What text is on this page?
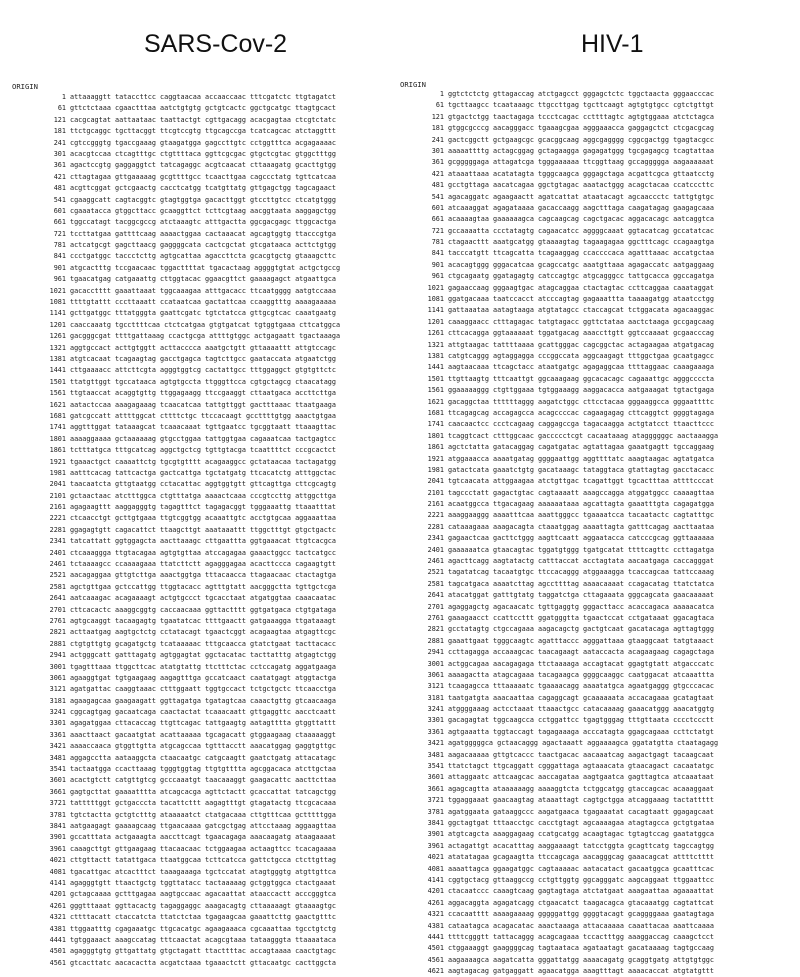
SARS-Cov-2	HIV-1
ORIGIN	ORIGIN
1 attaaaggtt tataccttcc caggtaacaa accaaccaac tttcgatctc ttgtagatct
61 gttctctaaa cgaactttaa aatctgtgtg gctgtcactc ggctgcatgc ttagtgcact
121 cacgcagtat aattaataac taattactgt cgttgacagg acacgagtaa ctcgtctatc
181 ttctgcaggc tgcttacggt ttcgtccgtg ttgcagccga tcatcagcac atctaggttt
241 cgtccgggtg tgaccgaaag gtaagatgga gagccttgtc cctggtttca acgagaaaac
301 acacgtccaa ctcagtttgc ctgttttaca ggttcgcgac gtgctcgtac gtggctttgg
361 agactccgtg gaggaggtct tatcagaggc acgtcaacat cttaaagatg gcacttgtgg
421 cttagtagaa gttgaaaaag gcgttttgcc tcaacttgaa cagccctatg tgttcatcaa
481 acgttcggat gctcgaactg cacctcatgg tcatgttatg gttgagctgg tagcagaact
541 cgaaggcatt cagtacggtc gtagtggtga gacacttggt gtccttgtcc ctcatgtggg
601 cgaaataccа gtggcttacc gcaaggttct tcttcgtaag aacggtaata aaggagctgg
661 tggccatagt tacggcgccg atctaaagtc atttgactta ggcgacgagc ttggcactga
721 tccttatgaa gattttcaag aaaactggaa cactaaacat agcagtggtg ttacccgtga
781 actcatgcgt gagcttaacg gaggggcata cactcgctat gtcgataaca acttctgtgg
841 ccctgatggc taccctcttg agtgcattaa agaccttcta gcacgtgctg gtaaagcttc
901 atgcactttg tccgaacaac tggacttttat tgacactaag aggggtgtat actgctgccg
961 tgaacatgag catgaaattg cttggtacac ggaacgttct gaaaagagct atgaattgca
1021 gacacctttt gaaattaaat tggcaaagaa atttgacacc ttcaatgggg aatgtccaaa
1081 ttttgtattt cccttaaatt ccataatcaa gactattcaa ccaaggtttg aaaagaaaaa
1141 gcttgatggc tttatgggta gaattcgatc tgtctatcca gttgcgtcac caaatgaatg
1201 caaccaaatg tgccttttcaa ctctcatgaa gtgtgatcat tgtggtgaaa cttcatggca
1261 gacgggcgat ttttgattaaag ccactgcga attttgtggc actgagaatt tgactaaaga
1321 aggtgccact acttgtggtt acttacccca aaatgctgtt gttaaaattt attgtccagc
1381 atgtcacaat tcagaagtag gacctgagca tagtcttgcc gaataccata atgaatctgg
1441 cttgaaaacc attcttcgta agggtggtcg cactattgcc tttggaggct gtgtgttctc
1501 ttatgttggt tgccataaca agtgtgccta ttgggttcca cgtgctagcg ctaacatagg
1561 ttgtaaccat acaggtgttg ttggagaagg ttccgaaggt cttaatgaca accttcttga
1621 aatactccaa aaagagaaag tcaacatcaa tattgttggt gactttaaac ttaatgaaga
1681 gatcgccatt attttggcat cttttctgc ttccacaagt gccttttgtgg aaactgtgaa
1741 aggtttggat tataaagcat tcaaacaaat tgttgaatcc tgcggtaatt ttaaagttac
1801 aaaaggaaaa gctaaaaaag gtgcctggaa tattggtgaa cagaaatcaa tactgagtcc
1861 tctttatgca tttgcatcag aggctgctcg tgttgtacga tcaattttct cccgcactct
1921 tgaaactgct caaaattctg tgcgtgtttt acagaaggcc gctataacaa tactagatgg
1981 aatttcacag tattcactga gactcattga tgctatgatg ttcacatctg atttggctac
2041 taacaatcta gttgtaatgg cctacattac aggtggtgtt gttcagttga cttcgcagtg
2101 gctaactaac atctttggca ctgtttatga aaaactcaaa cccgtccttg attggcttga
2161 agagaagttt aaggagggtg tagagtttct tagagacggt tgggaaattg ttaaatttat
2221 ctcaacctgt gcttgtgaaa ttgtcggtgg acaaattgtc acctgtgcaa aggaaattaa
2281 ggagagtgtt cagacattct ttaagcttgt aaataaattt ttggctttgt gtgctgactc
2341 tatcattatt ggtggagcta aacttaaagc cttgaattta ggtgaaacat ttgtcacgca
2401 ctcaaaggga ttgtacagaa agtgtgttaa atccagagaa gaaactggcc tactcatgcc
2461 tctaaaagcc ccaaaagaaa ttatcttctt agagggagaa acacttccca cagaagtgtt
2521 aacagaggaa gttgtcttga aaactggtga tttacaacca ttagaacaac ctactagtga
2581 agctgttgaa gctccattgg ttggtacacc agtttgtatt aacgggctta tgttgctcga
2641 aatcaaagac acagaaaagt actgtgccct tgcacctaat atgatggtaa caaacaatac
2701 cttcacactc aaaggcggtg caccaacaaa ggttactttt ggtgatgaca ctgtgataga
2761 agtgcaaggt tacaagagtg tgaatatcac ttttgaactt gatgaaagga ttgataaagt
2821 acttaatgag aagtgctctg cctatacagt tgaactcggt acagaagtaa atgagttcgc
2881 ctgtgttgtg gcagatgctg tcataaaaac tttgcaacca gtatctgaat tacttacacc
2941 actgggcatt gatttagatg agtggagtat ggctacatac tacttatttg atgagtctgg
3001 tgagtttaaa ttggcttcac atatgtattg ttctttctac cctccagatg aggatgaaga
3061 agaaggtgat tgtgaagaag aagagtttga gccatcaact caatatgagt atggtactga
3121 agatgattac caaggtaaac ctttggaatt tggtgccact tctgctgctc ttcaacctga
3181 agaagagcaa gaagaagatt ggttagatga tgatagtcaa caaactgttg gtcaacaaga
3241 cggcagtgag gacaatcaga caactactat tcaaacaatt gttgaggttc aacctcaatt
3301 agagatggaa cttacaccag ttgttcagac tattgaagtg aatagtttta gtggttattt
3361 aaacttaact gacaatgtat acattaaaaa tgcagacatt gtggaagaag ctaaaaaggt
3421 aaaaccaaca gtggttgtta atgcagccaa tgtttacctt aaacatggag gaggtgttgc
3481 aggagcctta aataaggcta ctaacaatgc catgcaagtt gaatctgatg attacatagc
3541 tactaatgga ccacttaaag tgggtggtag ttgtgtttta agcggacaca atcttgctaa
3601 acactgtctt catgttgtcg gcccaaatgt taacaaaggt gaagacattc aacttcttaa
3661 gagtgcttat gaaaatttta atcagcacga agttctactt gcaccattat tatcagctgg
3721 tatttttggt gctgacccta tacattcttt aagagtttgt gtagatactg ttcgcacaaa
3781 tgtctactta gctgtctttg ataaaaatct ctatgacaaa cttgtttcaa gctttttgga
3841 aatgaagagt gaaaagcaag ttgaacaaaa gatcgctgag attcctaaag aggaagttaa
3901 gccatttata actgaaagta aaccttcagt tgaacagaga aaacaagatg ataagaaaat
3961 caaagcttgt gttgaagaag ttacaacaac tctggaagaa actaagttcc tcacagaaaa
4021 cttgttactt tatattgaca ttaatggcaa tcttcatcca gattctgcca ctcttgttag
4081 tgacattgac atcactttct taaagaaaga tgctccatat atagtgggtg atgttgttca
4141 agagggtgtt ttaactgctg tggttatacc tactaaaaag gctggtggca ctactgaaat
4201 gctagcaaaa gctttgagaa aagtgccaac agacaattat ataaccactt acccgggtca
4261 gggtttaaat ggttacactg tagaggaggc aaagacagtg cttaaaaagt gtaaaagtgc
4321 cttttacatt ctaccatcta ttatctctaa tgagaagcaa gaaattcttg gaactgtttc
4381 ttggaatttg cgagaaatgc ttgcacatgc agaagaaaca cgcaaattaa tgcctgtctg
4441 tgtggaaact aaagccatag tttcaactat acagcgtaaa tataagggta ttaaaataca
4501 agagggtgtg gttgattatg gtgctagatt ttacttttac accagtaaaa caactgtagc
4561 gtcacttatc aacacactta acgatctaaa tgaaactctt gttacaatgc cacttggcta
1 ggtctctctg gttagaccag atctgagcct gggagctctc tggctaacta gggaacccac
61 tgcttaagcc tcaataaagc ttgccttgag tgcttcaagt agtgtgtgcc cgtctgttgt
121 gtgactctgg taactagaga tccctcagac ccttttagtc agtgtggaaa atctctagca
181 gtggcgcccg aacagggacc tgaaagcgaa agggaaacca gaggagctct ctcgacgcag
241 gactcggctt gctgaagcgc gcacggcaag aggcgagggg cggcgactgg tgagtacgcc
301 aaaaattttg actagcggag gctagaagga gagagatggg tgcgagagcg tcagtattaa
361 gcgggggaga attagatcga tgggaaaaaa ttcggttaag gccaggggga aagaaaaaat
421 ataaattaaa acatatagta tgggcaagca gggagctaga acgattcgca gttaatcctg
481 gcctgttaga aacatcagaa ggctgtagac aaatactggg acagctacaa ccatcccttc
541 agacaggatc agaagaactt agatcattat ataatacagt agcaaccctc tattgtgtgc
601 atcaaaggat agagataaaa gacaccaagg aagctttaga caagatagag gaagagcaaa
661 acaaaagtaa gaaaaaagca cagcaagcag cagctgacac aggacacagc aatcaggtca
721 gccaaaatta ccctatagtg cagaacatcc aggggcaaat ggtacatcag gccatatcac
781 ctagaacttt aaatgcatgg gtaaaagtag tagaagagaa ggctttcagc ccagaagtga
841 tacccatgtt ttcagcatta tcagaaggag ccaccccaca agatttaaac accatgctaa
901 acacagtggg gggacatcaa gcagccatgc aaatgttaaa agagaccatc aatgaggaag
961 ctgcagaatg ggatagagtg catccagtgc atgcagggcc tattgcacca ggccagatga
1021 gagaaccaag gggaagtgac atagcaggaa ctactagtac ccttcaggaa caaataggat
1081 ggatgacaaa taatccacct atcccagtag gagaaattta taaaagatgg ataatcctgg
1141 gattaaataa aatagtaaga atgtatagcc ctaccagcat tctggacata agacaaggac
1201 caaaggaacc ctttagagac tatgtagacc ggttctataa aactctaaga gccgagcaag
1261 cttcacagga ggtaaaaaat tggatgacag aaaccttgtt ggtccaaaat gcgaacccag
1321 attgtaagac tattttaaaa gcattgggac cagcggctac actagaagaa atgatgacag
1381 catgtcaggg agtaggagga cccggccata aggcaagagt tttggctgaa gcaatgagcc
1441 aagtaacaaa ttcagctacc ataatgatgc agagaggcaa ttttaggaac caaagaaaga
1501 ttgttaagtg tttcaattgt ggcaaagaag ggcacacagc cagaaattgc agggccccta
1561 ggaaaaaggg ctgttggaaa tgtggaaagg aaggacacca aatgaaagat tgtactgaga
1621 gacaggctaa ttttttaggg aagatctggc cttcctacaa gggaaggcca gggaattttc
1681 ttcagagcag accagagcca acagccccac cagaagagag cttcaggtct ggggtagaga
1741 caacaactcc ccctcagaag caggagccga tagacaagga actgtatcct ttaacttccc
1801 tcaggtcact ctttggcaac gaccccctcgt cacaataaag ataggggggc aactaaagga
1861 agctctatta gatacaggag cagatgatac agtattagaa gaaatgagtt tgccaggaag
1921 atggaaacca aaaatgatag ggggaattgg aggttttatc aaagtaagac agtatgatca
1981 gatactcata gaaatctgtg gacataaagc tataggtaca gtattagtag gacctacacc
2041 tgtcaacata attggaagaa atctgttgac tcagattggt tgcactttaa attttcccat
2101 tagccctatt gagactgtac cagtaaaatt aaagccagga atggatggcc caaaagttaa
2161 acaatggcca ttgacagaag aaaaaataaa agcattagta gaaatttgta cagagatgga
2221 aaaggaaggg aaaatttcaa aaattgggcc tgaaaatcca tacaatactc cagtatttgc
2281 cataaagaaa aaagacagta ctaaatggag aaaattagta gatttcagag aacttaataa
2341 gagaactcaa gacttctggg aagttcaatt aggaatacca catcccgcag ggttaaaaaa
2401 gaaaaaatca gtaacagtac tggatgtggg tgatgcatat ttttcagttc ccttagatga
2461 agacttcagg aagtatactg catttaccat acctagtata aacaatgaga caccagggat
2521 tagatatcag tacaatgtgc ttccacaggg atggaaagga tcaccagcaa tattccaaag
2581 tagcatgaca aaaatcttag agccttttag aaaacaaaat ccagacatag ttatctatca
2641 atacatggat gatttgtatg taggatctga cttagaaata gggcagcata gaacaaaaat
2701 agaggagctg agacaacatc tgttgaggtg gggacttacc acaccagaca aaaaacatca
2761 gaaagaacct ccattccttt ggatgggtta tgaactccat cctgataaat ggacagtaca
2821 gcctatagtg ctgccagaaa aagacagctg gactgtcaat gacatacaga agttagtggg
2881 gaaattgaat tgggcaagtc agatttaccc agggattaaa gtaaggcaat tatgtaaact
2941 ccttagagga accaaagcac taacagaagt aataccacta acagaagaag cagagctaga
3001 actggcagaa aacagagaga ttctaaaaga accagtacat ggagtgtatt atgacccatc
3061 aaaagactta atagcagaaa tacagaagca ggggcaaggc caatggacat atcaaattta
3121 tcaagagcca tttaaaaatc tgaaaacagg aaaatatgca agaatgaggg gtgcccacac
3181 taatgatgta aaacaattaa cagaggcagt gcaaaaaata accacagaaa gcatagtaat
3241 atggggaaag actcctaaat ttaaactgcc catacaaaag gaaacatggg aaacatggtg
3301 gacagagtat tggcaagcca cctggattcc tgagtgggag tttgttaata cccctccctt
3361 agtgaaatta tggtaccagt tagagaaaga acccatagta ggagcagaaa ccttctatgt
3421 agatgggggca gctaacaggg agactaaatt aggaaaagca ggatatgtta ctaatagagg
3481 aagacaaaaa gttgtcaccc taactgacac aacaaatcag aagactgagt tacaagcaat
3541 ttatctagct ttgcaggatt cgggattaga agtaaacata gtaacagact cacaatatgc
3601 attaggaatc attcaagcac aaccagataa aagtgaatca gagttagtca atcaaataat
3661 agagcagtta ataaaaaagg aaaaggtcta tctggcatgg gtaccagcac acaaaggaat
3721 tggaggaaat gaacaagtag ataaattagt cagtgctgga atcaggaaag tactattttt
3781 agatggaata gataaggccc aagatgaaca tgagaaatat cacagtaatt ggagagcaat
3841 ggctagtgat tttaacctgc cacctgtagt agcaaaagaa atagtagcca gctgtgataa
3901 atgtcagcta aaaggagaag ccatgcatgg acaagtagac tgtagtccag gaatatggca
3961 actagattgt acacatttag aaggaaaagt tatcctggta gcagttcatg tagccagtgg
4021 atatatagaa gcagaagtta ttccagcaga aacagggcag gaaacagcat attttctttt
4081 aaaattagca ggaagatggc cagtaaaaac aatacatact gacaatggca gcaatttcac
4141 cggtgctacg gttaaggccg cctgttggtg ggcagggatc aagcaggaat ttggaattcc
4201 ctacaatccc caaagtcaag gagtagtaga atctatgaat aaagaattaa agaaaattat
4261 aggacaggta agagatcagg ctgaacatct taagacagca gtacaaatgg cagtattcat
4321 ccacaatttt aaaagaaaag gggggattgg ggggtacagt gcaggggaaa gaatagtaga
4381 cataatagca acagacatac aaactaaaga attacaaaaa caaattacaa aaattcaaaa
4441 ttttcgggtt tattacaggg acagcagaaa tccactttgg aaaggaccag caaagctcct
4501 ctggaaaggt gaaggggcag tagtaataca agataatagt gacataaaag tagtgccaag
4561 aagaaaagca aagatcatta gggattatgg aaaacagatg gcaggtgatg attgtgtggc
4621 aagtagacag gatgaggatt agaacatgga aaagtttagt aaaacaccat atgtatgttt
